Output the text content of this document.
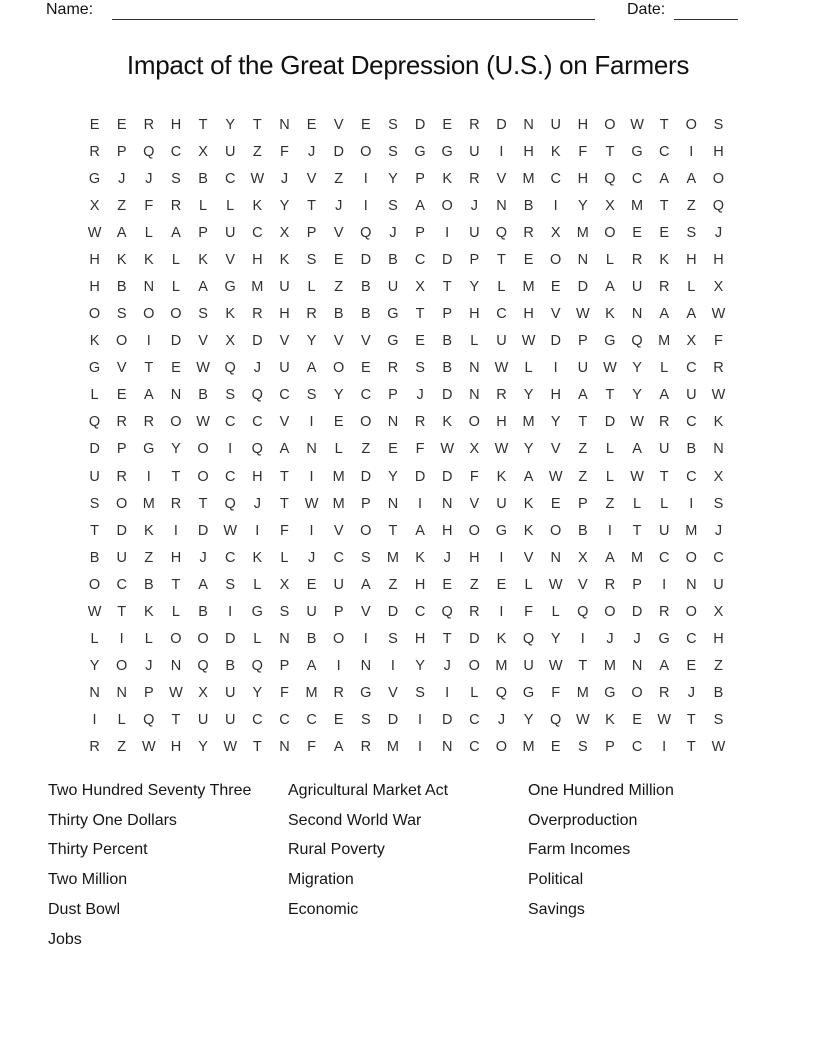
Name:	Date:
Impact of the Great Depression (U.S.) on Farmers
E	E	R	H	T	Y	T	N	E	V	E	S	D	E	R	D	N	U	H	O	W	T	O	S
R	P	Q	C	X	U	Z	F	J	D	O	S	G	G	U	I	H	K	F	T	G	C	I	H
G	J	J	S	B	C	W	J	V	Z	I	Y	P	K	R	V	M	C	H	Q	C	A	A	O
X	Z	F	R	L	L	K	Y	T	J	I	S	A	O	J	N	B	I	Y	X	M	T	Z	Q
W	A	L	A	P	U	C	X	P	V	Q	J	P	I	U	Q	R	X	M	O	E	E	S	J
H	K	K	L	K	V	H	K	S	E	D	B	C	D	P	T	E	O	N	L	R	K	H	H
H	B	N	L	A	G	M	U	L	Z	B	U	X	T	Y	L	M	E	D	A	U	R	L	X
O	S	O	O	S	K	R	H	R	B	B	G	T	P	H	C	H	V	W	K	N	A	A	W
K	O	I	D	V	X	D	V	Y	V	V	G	E	B	L	U	W	D	P	G	Q	M	X	F
G	V	T	E	W	Q	J	U	A	O	E	R	S	B	N	W	L	I	U	W	Y	L	C	R
L	E	A	N	B	S	Q	C	S	Y	C	P	J	D	N	R	Y	H	A	T	Y	A	U	W
Q	R	R	O	W	C	C	V	I	E	O	N	R	K	O	H	M	Y	T	D	W	R	C	K
D	P	G	Y	O	I	Q	A	N	L	Z	E	F	W	X	W	Y	V	Z	L	A	U	B	N
U	R	I	T	O	C	H	T	I	M	D	Y	D	D	F	K	A	W	Z	L	W	T	C	X
S	O	M	R	T	Q	J	T	W M	P	N	I	N	V	U	K	E	P	Z	L	L	I	S
T	D	K	I	D	W	I	F	I	V	O	T	A	H	O	G	K	O	B	I	T	U	M	J
B	U	Z	H	J	C	K	L	J	C	S	M	K	J	H	I	V	N	X	A	M	C	O	C
O	C	B	T	A	S	L	X	E	U	A	Z	H	E	Z	E	L	W	V	R	P	I	N	U
W	T	K	L	B	I	G	S	U	P	V	D	C	Q	R	I	F	L	Q	O	D	R	O	X
L	I	L	O	O	D	L	N	B	O	I	S	H	T	D	K	Q	Y	I	J	J	G	C	H
Y	O	J	N	Q	B	Q	P	A	I	N	I	Y	J	O	M	U	W	T	M	N	A	E	Z
N	N	P	W	X	U	Y	F	M	R	G	V	S	I	L	Q	G	F	M	G	O	R	J	B
I	L	Q	T	U	U	C	C	C	E	S	D	I	D	C	J	Y	Q	W	K	E	W	T	S
R	Z	W	H	Y	W	T	N	F	A	R	M	I	N	C	O	M	E	S	P	C	I	T	W
Two Hundred Seventy Three
Thirty One Dollars
Thirty Percent
Two Million
Dust Bowl
Jobs
Agricultural Market Act
Second World War
Rural Poverty
Migration
Economic
One Hundred Million
Overproduction
Farm Incomes
Political
Savings
